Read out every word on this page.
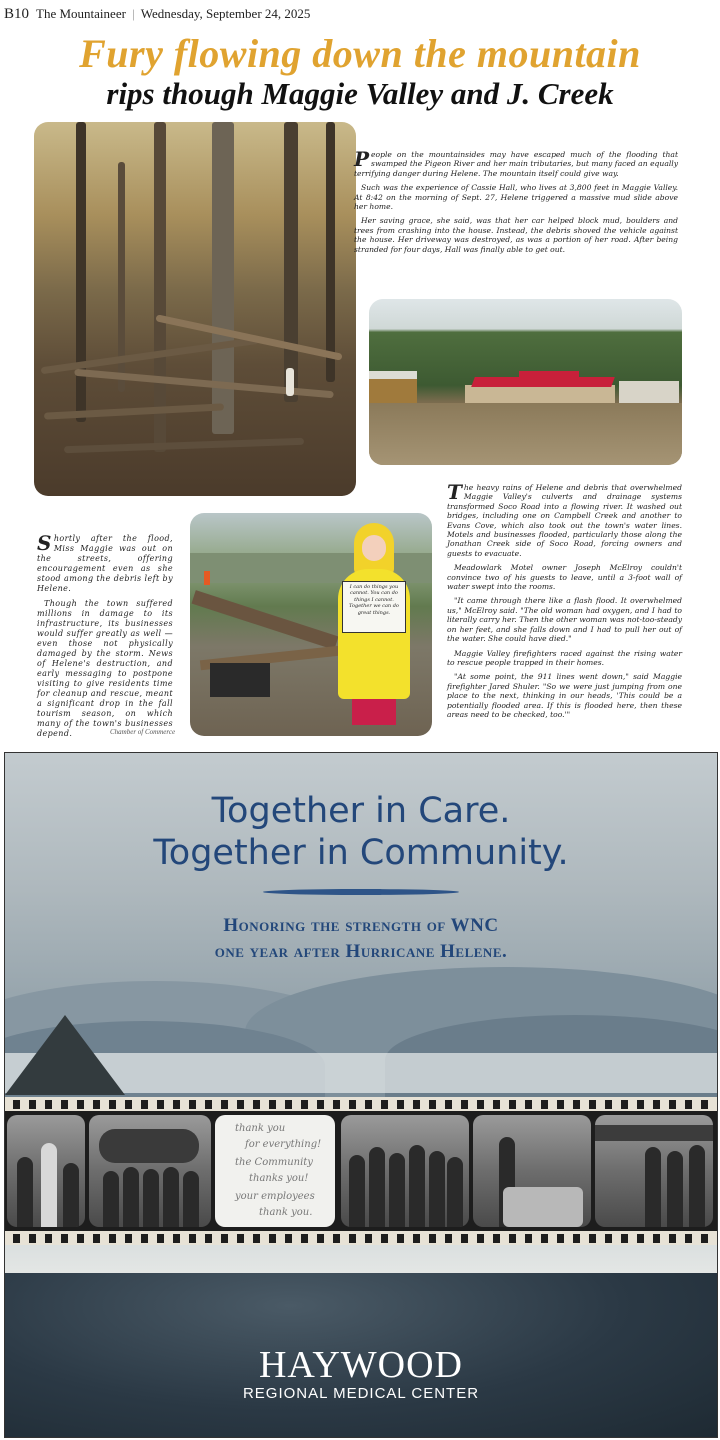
B10 The Mountaineer | Wednesday, September 24, 2025
Fury flowing down the mountain
rips though Maggie Valley and J. Creek

People on the mountainsides may have escaped much of the flooding that swamped the Pigeon River and her main tributaries, but many faced an equally terrifying danger during Helene. The mountain itself could give way.

Such was the experience of Cassie Hall, who lives at 3,800 feet in Maggie Valley. At 8:42 on the morning of Sept. 27, Helene triggered a massive mud slide above her home.

Her saving grace, she said, was that her car helped block mud, boulders and trees from crashing into the house. Instead, the debris shoved the vehicle against the house. Her driveway was destroyed, as was a portion of her road. After being stranded for four days, Hall was finally able to get out.

Shortly after the flood, Miss Maggie was out on the streets, offering encouragement even as she stood among the debris left by Helene.

Though the town suffered millions in damage to its infrastructure, its businesses would suffer greatly as well — even those not physically damaged by the storm. News of Helene's destruction, and early messaging to postpone visiting to give residents time for cleanup and rescue, meant a significant drop in the fall tourism season, on which many of the town's businesses depend.	Chamber of Commerce
I can do things you cannot. You can do things I cannot. Together we can do great things.

The heavy rains of Helene and debris that overwhelmed Maggie Valley's culverts and drainage systems transformed Soco Road into a flowing river. It washed out bridges, including one on Campbell Creek and another to Evans Cove, which also took out the town's water lines. Motels and businesses flooded, particularly those along the Jonathan Creek side of Soco Road, forcing owners and guests to evacuate.

Meadowlark Motel owner Joseph McElroy couldn't convince two of his guests to leave, until a 3-foot wall of water swept into the rooms.

"It came through there like a flash flood. It overwhelmed us," McElroy said. "The old woman had oxygen, and I had to literally carry her. Then the other woman was not-too-steady on her feet, and she falls down and I had to pull her out of the water. She could have died."

Maggie Valley firefighters raced against the rising water to rescue people trapped in their homes.

"At some point, the 911 lines went down," said Maggie firefighter Jared Shuler. "So we were just jumping from one place to the next, thinking in our heads, 'This could be a potentially flooded area. If this is flooded here, then these areas need to be checked, too.'"

Together in Care.
Together in Community.
Honoring the strength of WNC
one year after Hurricane Helene.
thank you
for everything!
the Community
thanks you!
your employees
thank you.
HAYWOOD
REGIONAL MEDICAL CENTER
